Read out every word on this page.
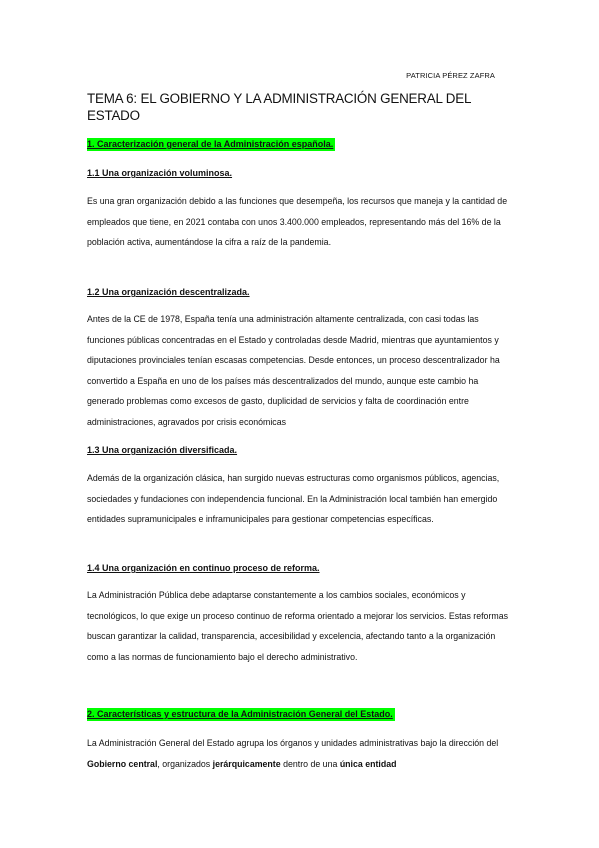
PATRICIA PÉREZ ZAFRA
TEMA 6: EL GOBIERNO Y LA ADMINISTRACIÓN GENERAL DEL ESTADO
1. Caracterización general de la Administración española.
1.1 Una organización voluminosa.

Es una gran organización debido a las funciones que desempeña, los recursos que maneja y la cantidad de empleados que tiene, en 2021 contaba con unos 3.400.000 empleados, representando más del 16% de la población activa, aumentándose la cifra a raíz de la pandemia.

1.2 Una organización descentralizada.

Antes de la CE de 1978, España tenía una administración altamente centralizada, con casi todas las funciones públicas concentradas en el Estado y controladas desde Madrid, mientras que ayuntamientos y diputaciones provinciales tenían escasas competencias. Desde entonces, un proceso descentralizador ha convertido a España en uno de los países más descentralizados del mundo, aunque este cambio ha generado problemas como excesos de gasto, duplicidad de servicios y falta de coordinación entre administraciones, agravados por crisis económicas

1.3 Una organización diversificada.

Además de la organización clásica, han surgido nuevas estructuras como organismos públicos, agencias, sociedades y fundaciones con independencia funcional. En la Administración local también han emergido entidades supramunicipales e inframunicipales para gestionar competencias específicas.

1.4 Una organización en continuo proceso de reforma.

La Administración Pública debe adaptarse constantemente a los cambios sociales, económicos y tecnológicos, lo que exige un proceso continuo de reforma orientado a mejorar los servicios. Estas reformas buscan garantizar la calidad, transparencia, accesibilidad y excelencia, afectando tanto a la organización como a las normas de funcionamiento bajo el derecho administrativo.

2. Características y estructura de la Administración General del Estado.

La Administración General del Estado agrupa los órganos y unidades administrativas bajo la dirección del Gobierno central, organizados jerárquicamente dentro de una única entidad
